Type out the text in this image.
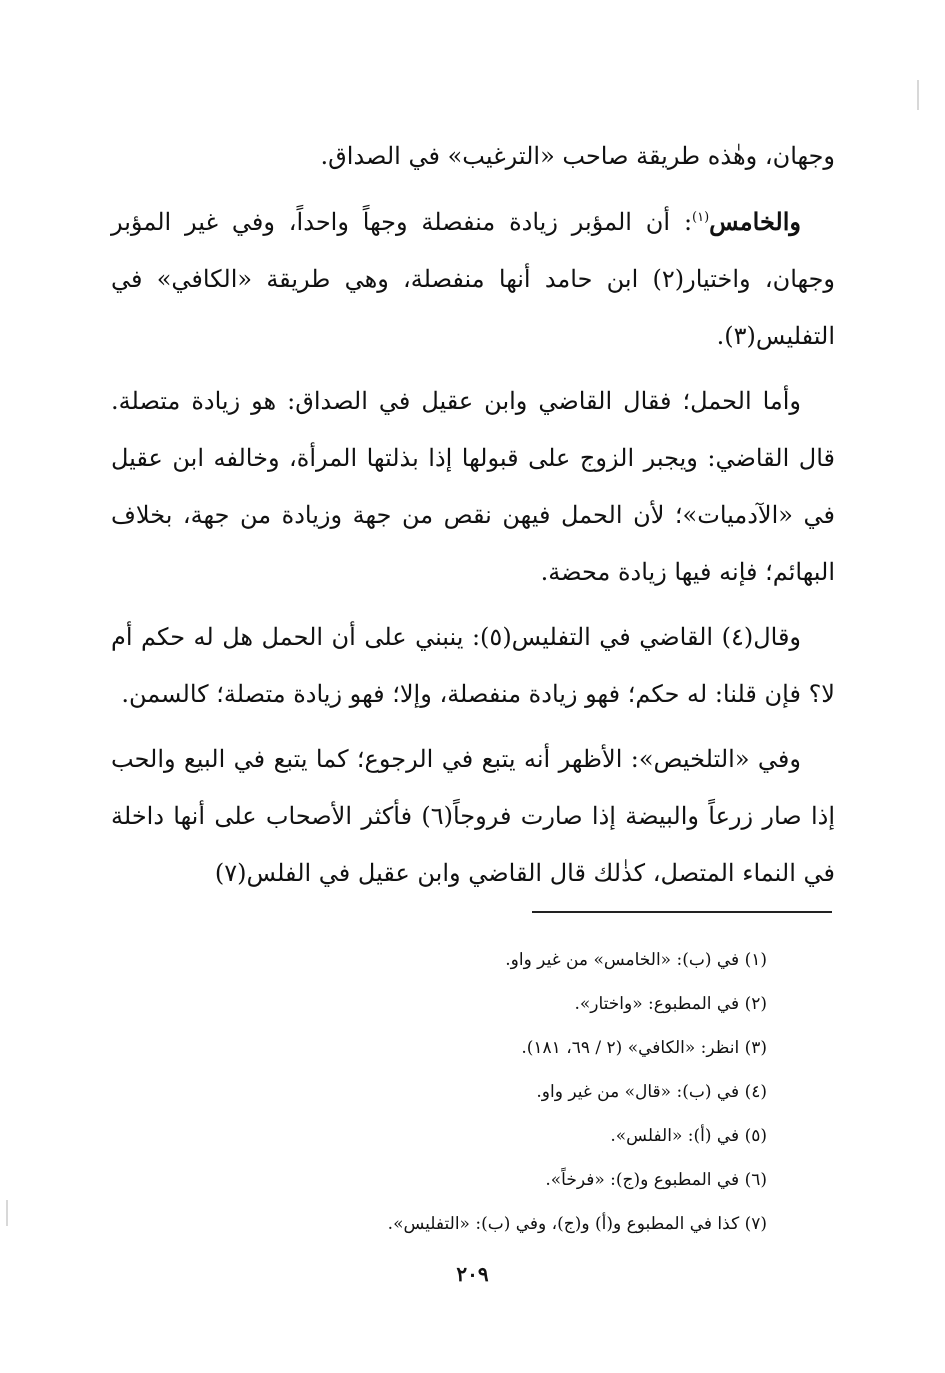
وجهان، وهٰذه طريقة صاحب «الترغيب» في الصداق.

والخامس$^{(١)}$: أن المؤبر زيادة منفصلة وجهاً واحداً، وفي غير المؤبر وجهان، واختيار(٢) ابن حامد أنها منفصلة، وهي طريقة «الكافي» في التفليس(٣).

وأما الحمل؛ فقال القاضي وابن عقيل في الصداق: هو زيادة متصلة. قال القاضي: ويجبر الزوج على قبولها إذا بذلتها المرأة، وخالفه ابن عقيل في «الآدميات»؛ لأن الحمل فيهن نقص من جهة وزيادة من جهة، بخلاف البهائم؛ فإنه فيها زيادة محضة.

وقال(٤) القاضي في التفليس(٥): ينبني على أن الحمل هل له حكم أم لا؟ فإن قلنا: له حكم؛ فهو زيادة منفصلة، وإلا؛ فهو زيادة متصلة؛ كالسمن.

وفي «التلخيص»: الأظهر أنه يتبع في الرجوع؛ كما يتبع في البيع والحب إذا صار زرعاً والبيضة إذا صارت فروجاً(٦) فأكثر الأصحاب على أنها داخلة في النماء المتصل، كذٰلك قال القاضي وابن عقيل في الفلس(٧)

(١) في (ب): «الخامس» من غير واو.

(٢) في المطبوع: «واختار».

(٣) انظر: «الكافي» (٢ / ٦٩، ١٨١).

(٤) في (ب): «قال» من غير واو.

(٥) في (أ): «الفلس».

(٦) في المطبوع و(ج): «فرخاً».

(٧) كذا في المطبوع و(أ) و(ج)، وفي (ب): «التفليس».

٢٠٩
